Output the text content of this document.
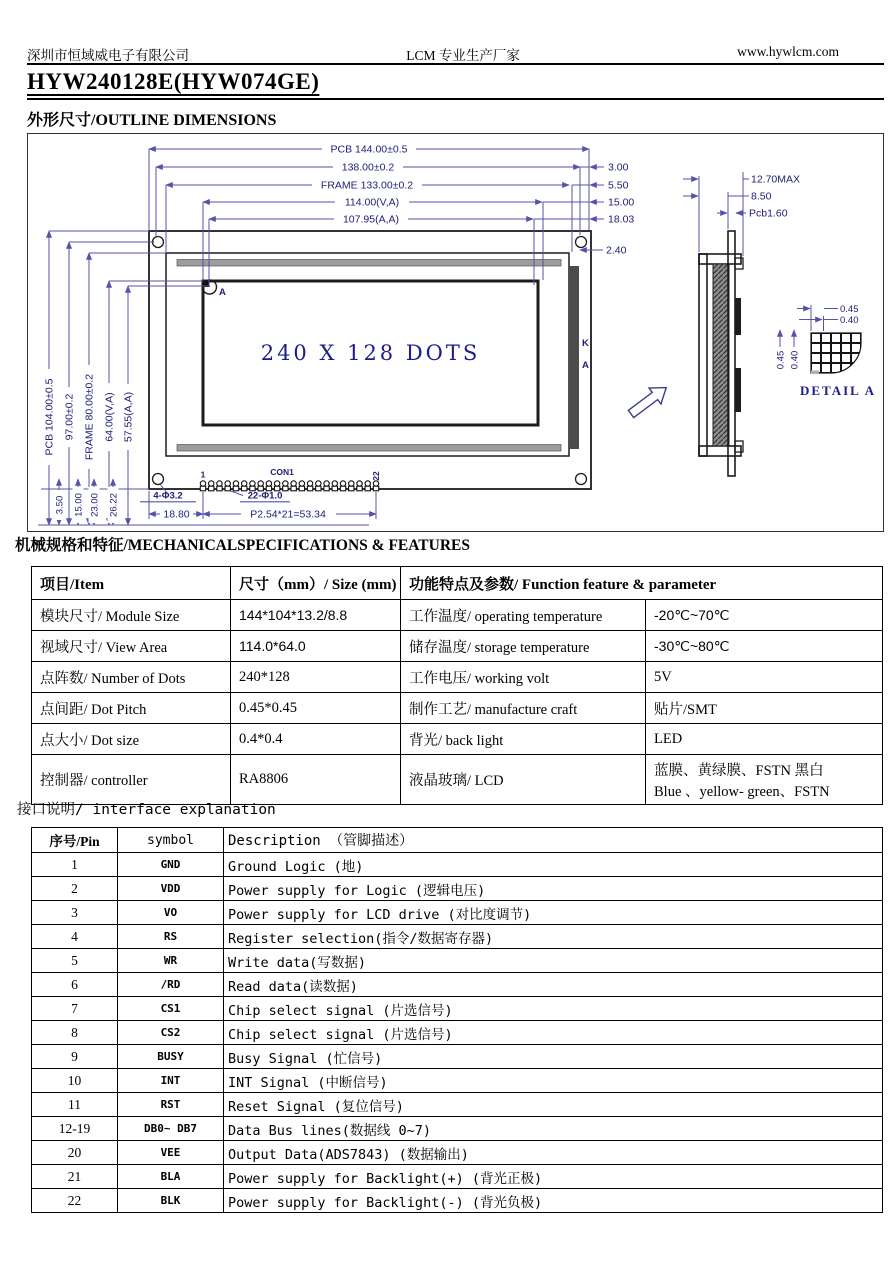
深圳市恒域威电子有限公司	LCM 专业生产厂家	www.hywlcm.com
HYW240128E(HYW074GE)
外形尺寸/OUTLINE DIMENSIONS
240 X 128 DOTS
A
K
A
1	CON1	22
PCB 144.00±0.5
138.00±0.2
FRAME 133.00±0.2
114.00(V,A)
107.95(A,A)
3.00
5.50
15.00
18.03
2.40
PCB 104.00±0.5 97.00±0.2 FRAME 80.00±0.2 64.00(V,A) 57.55(A,A)
3.50 15.00 23.00 26.22	4-Φ3.2	22-Φ1.0
18.80	P2.54*21=53.34
12.70MAX
8.50
Pcb1.60
0.45
0.40
0.45 0.40
DETAIL A
机械规格和特征/MECHANICALSPECIFICATIONS & FEATURES
项目/Item	尺寸（mm）/ Size (mm)	功能特点及参数/ Function feature & parameter	
模块尺寸/ Module Size	144*104*13.2/8.8	工作温度/ operating temperature	-20℃~70℃
视域尺寸/ View Area	114.0*64.0	储存温度/ storage temperature	-30℃~80℃
点阵数/ Number of Dots	240*128	工作电压/ working volt	5V
点间距/ Dot Pitch	0.45*0.45	制作工艺/ manufacture craft	贴片/SMT
点大小/ Dot size	0.4*0.4	背光/ back light	LED
控制器/ controller	RA8806	液晶玻璃/ LCD	蓝膜、黄绿膜、FSTN 黑白
Blue 、yellow- green、FSTN
接口说明/ interface explanation
序号/Pin	symbol	Description （管脚描述）
1	GND	Ground Logic (地)
2	VDD	Power supply for Logic (逻辑电压)
3	VO	Power supply for LCD drive (对比度调节)
4	RS	Register selection(指令/数据寄存器)
5	WR	Write data(写数据)
6	/RD	Read data(读数据)
7	CS1	Chip select signal (片选信号)
8	CS2	Chip select signal (片选信号)
9	BUSY	Busy Signal (忙信号)
10	INT	INT Signal (中断信号)
11	RST	Reset Signal (复位信号)
12-19	DB0~ DB7	Data Bus lines(数据线 0~7)
20	VEE	Output Data(ADS7843) (数据输出)
21	BLA	Power supply for Backlight(+) (背光正极)
22	BLK	Power supply for Backlight(-) (背光负极)
